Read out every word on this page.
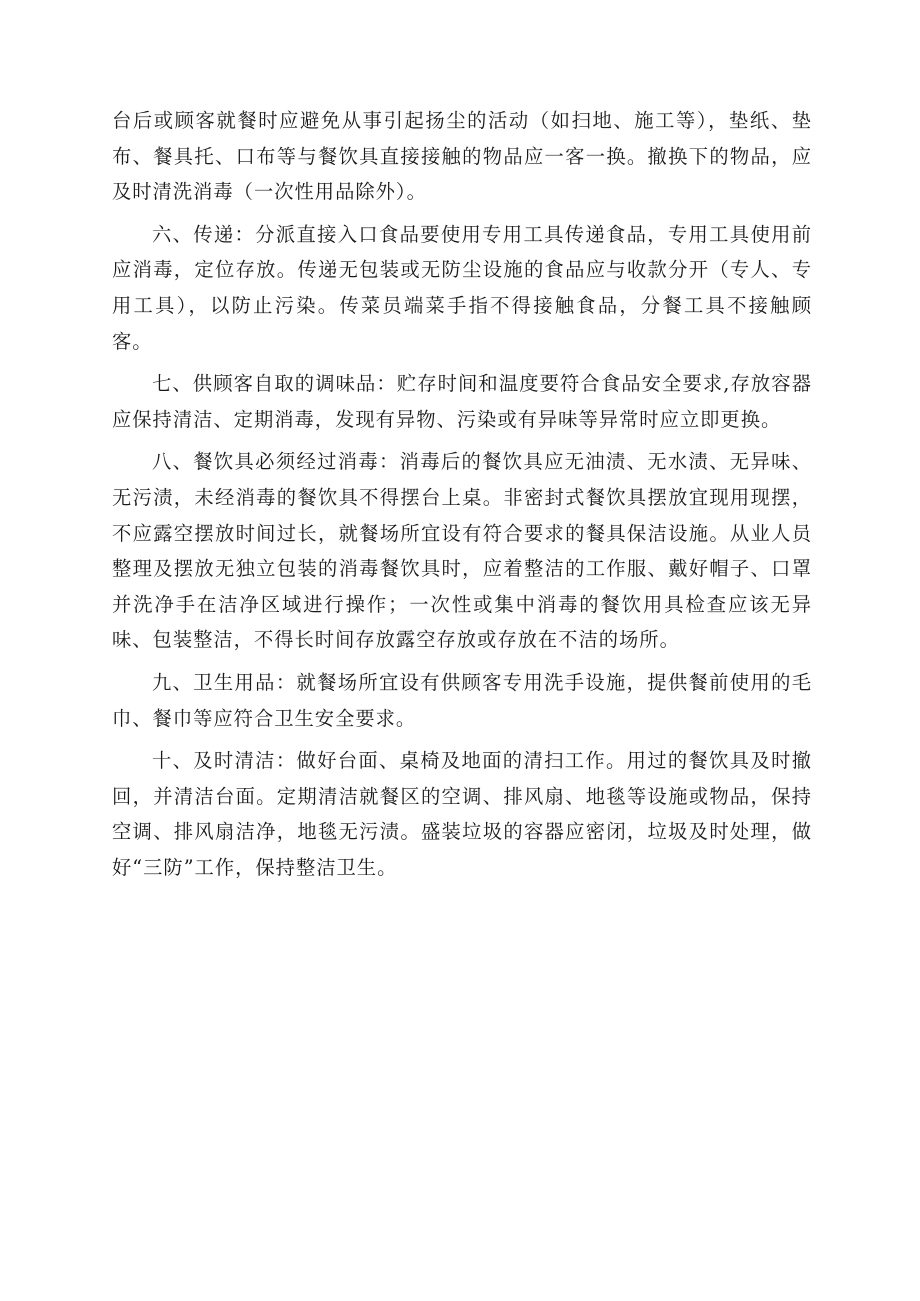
台后或顾客就餐时应避免从事引起扬尘的活动（如扫地、施工等），垫纸、垫布、餐具托、口布等与餐饮具直接接触的物品应一客一换。撤换下的物品，应及时清洗消毒（一次性用品除外）。

六、传递：分派直接入口食品要使用专用工具传递食品，专用工具使用前应消毒，定位存放。传递无包装或无防尘设施的食品应与收款分开（专人、专用工具），以防止污染。传菜员端菜手指不得接触食品，分餐工具不接触顾客。

七、供顾客自取的调味品：贮存时间和温度要符合食品安全要求,存放容器应保持清洁、定期消毒，发现有异物、污染或有异味等异常时应立即更换。

八、餐饮具必须经过消毒：消毒后的餐饮具应无油渍、无水渍、无异味、无污渍，未经消毒的餐饮具不得摆台上桌。非密封式餐饮具摆放宜现用现摆，不应露空摆放时间过长，就餐场所宜设有符合要求的餐具保洁设施。从业人员整理及摆放无独立包装的消毒餐饮具时，应着整洁的工作服、戴好帽子、口罩并洗净手在洁净区域进行操作；一次性或集中消毒的餐饮用具检查应该无异味、包装整洁，不得长时间存放露空存放或存放在不洁的场所。

九、卫生用品：就餐场所宜设有供顾客专用洗手设施，提供餐前使用的毛巾、餐巾等应符合卫生安全要求。

十、及时清洁：做好台面、桌椅及地面的清扫工作。用过的餐饮具及时撤回，并清洁台面。定期清洁就餐区的空调、排风扇、地毯等设施或物品，保持空调、排风扇洁净，地毯无污渍。盛装垃圾的容器应密闭，垃圾及时处理，做好“三防”工作，保持整洁卫生。
